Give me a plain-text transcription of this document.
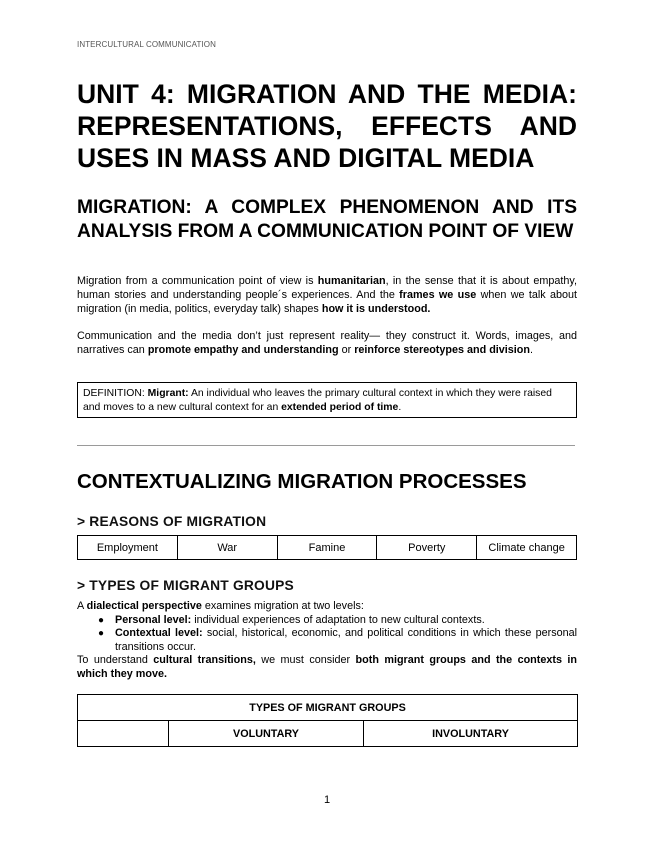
INTERCULTURAL COMMUNICATION
UNIT 4: MIGRATION AND THE MEDIA: REPRESENTATIONS, EFFECTS AND USES IN MASS AND DIGITAL MEDIA
MIGRATION: A COMPLEX PHENOMENON AND ITS ANALYSIS FROM A COMMUNICATION POINT OF VIEW

Migration from a communication point of view is humanitarian, in the sense that it is about empathy, human stories and understanding people´s experiences. And the frames we use when we talk about migration (in media, politics, everyday talk) shapes how it is understood.

Communication and the media don’t just represent reality— they construct it. Words, images, and narratives can promote empathy and understanding or reinforce stereotypes and division.

DEFINITION: Migrant: An individual who leaves the primary cultural context in which they were raised and moves to a new cultural context for an extended period of time.
CONTEXTUALIZING MIGRATION PROCESSES
> REASONS OF MIGRATION
Employment	War	Famine	Poverty	Climate change
> TYPES OF MIGRANT GROUPS

A dialectical perspective examines migration at two levels:

● Personal level: individual experiences of adaptation to new cultural contexts.
● Contextual level: social, historical, economic, and political conditions in which these personal transitions occur.

To understand cultural transitions, we must consider both migrant groups and the contexts in which they move.

TYPES OF MIGRANT GROUPS
	VOLUNTARY	INVOLUNTARY
1
